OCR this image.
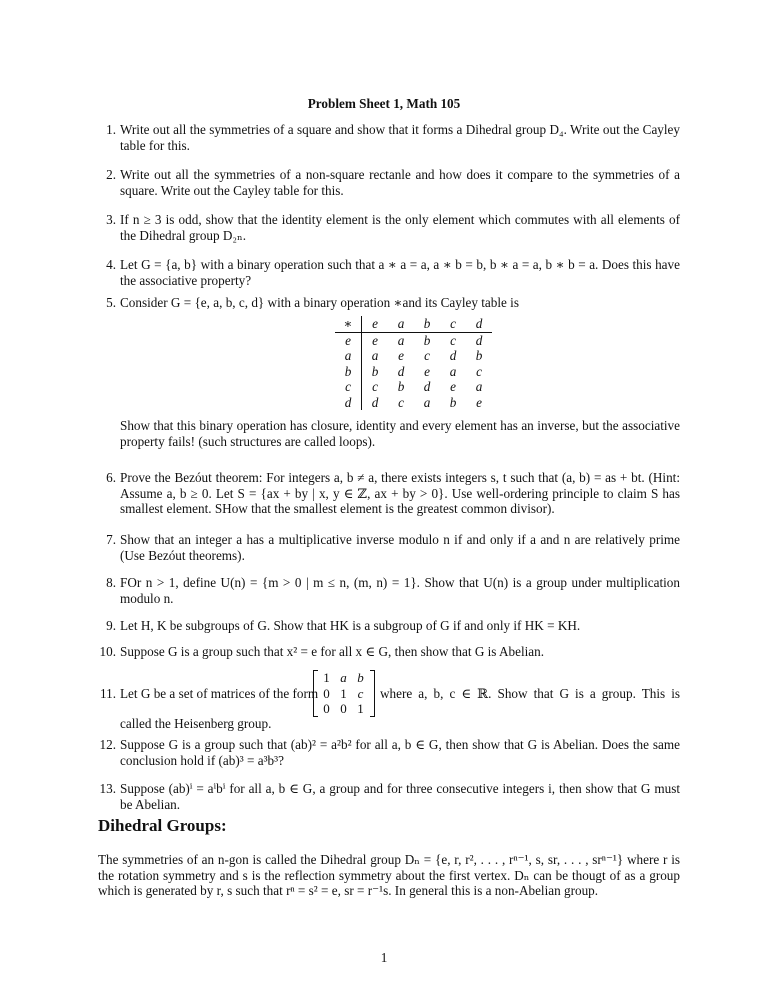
Problem Sheet 1, Math 105
1. Write out all the symmetries of a square and show that it forms a Dihedral group D₄. Write out the Cayley table for this.
2. Write out all the symmetries of a non-square rectanle and how does it compare to the symmetries of a square. Write out the Cayley table for this.
3. If n ≥ 3 is odd, show that the identity element is the only element which commutes with all elements of the Dihedral group D₂ₙ.
4. Let G = {a, b} with a binary operation such that a ∗ a = a, a ∗ b = b, b ∗ a = a, b ∗ b = a. Does this have the associative property?
5. Consider G = {e, a, b, c, d} with a binary operation ∗and its Cayley table is
∗	e	a	b	c	d
e	e	a	b	c	d
a	a	e	c	d	b
b	b	d	e	a	c
c	c	b	d	e	a
d	d	c	a	b	e
Show that this binary operation has closure, identity and every element has an inverse, but the associative property fails! (such structures are called loops).
6. Prove the Bezóut theorem: For integers a, b ≠ a, there exists integers s, t such that (a, b) = as + bt. (Hint: Assume a, b ≥ 0. Let S = {ax + by | x, y ∈ ℤ, ax + by > 0}. Use well-ordering principle to claim S has smallest element. SHow that the smallest element is the greatest common divisor).
7. Show that an integer a has a multiplicative inverse modulo n if and only if a and n are relatively prime (Use Bezóut theorems).
8. FOr n > 1, define U(n) = {m > 0 | m ≤ n, (m, n) = 1}. Show that U(n) is a group under multiplication modulo n.
9. Let H, K be subgroups of G. Show that HK is a subgroup of G if and only if HK = KH.
10. Suppose G is a group such that x² = e for all x ∈ G, then show that G is Abelian.
11. Let G be a set of matrices of the form
1	a	b
0	1	c
0	0	1
where a, b, c ∈ ℝ. Show that G is a group. This is
called the Heisenberg group.
12. Suppose G is a group such that (ab)² = a²b² for all a, b ∈ G, then show that G is Abelian. Does the same conclusion hold if (ab)³ = a³b³?
13. Suppose (ab)ⁱ = aⁱbⁱ for all a, b ∈ G, a group and for three consecutive integers i, then show that G must be Abelian.
Dihedral Groups:
The symmetries of an n-gon is called the Dihedral group Dₙ = {e, r, r², . . . , rⁿ⁻¹, s, sr, . . . , srⁿ⁻¹} where r is the rotation symmetry and s is the reflection symmetry about the first vertex. Dₙ can be thougt of as a group which is generated by r, s such that rⁿ = s² = e, sr = r⁻¹s. In general this is a non-Abelian group.
1
